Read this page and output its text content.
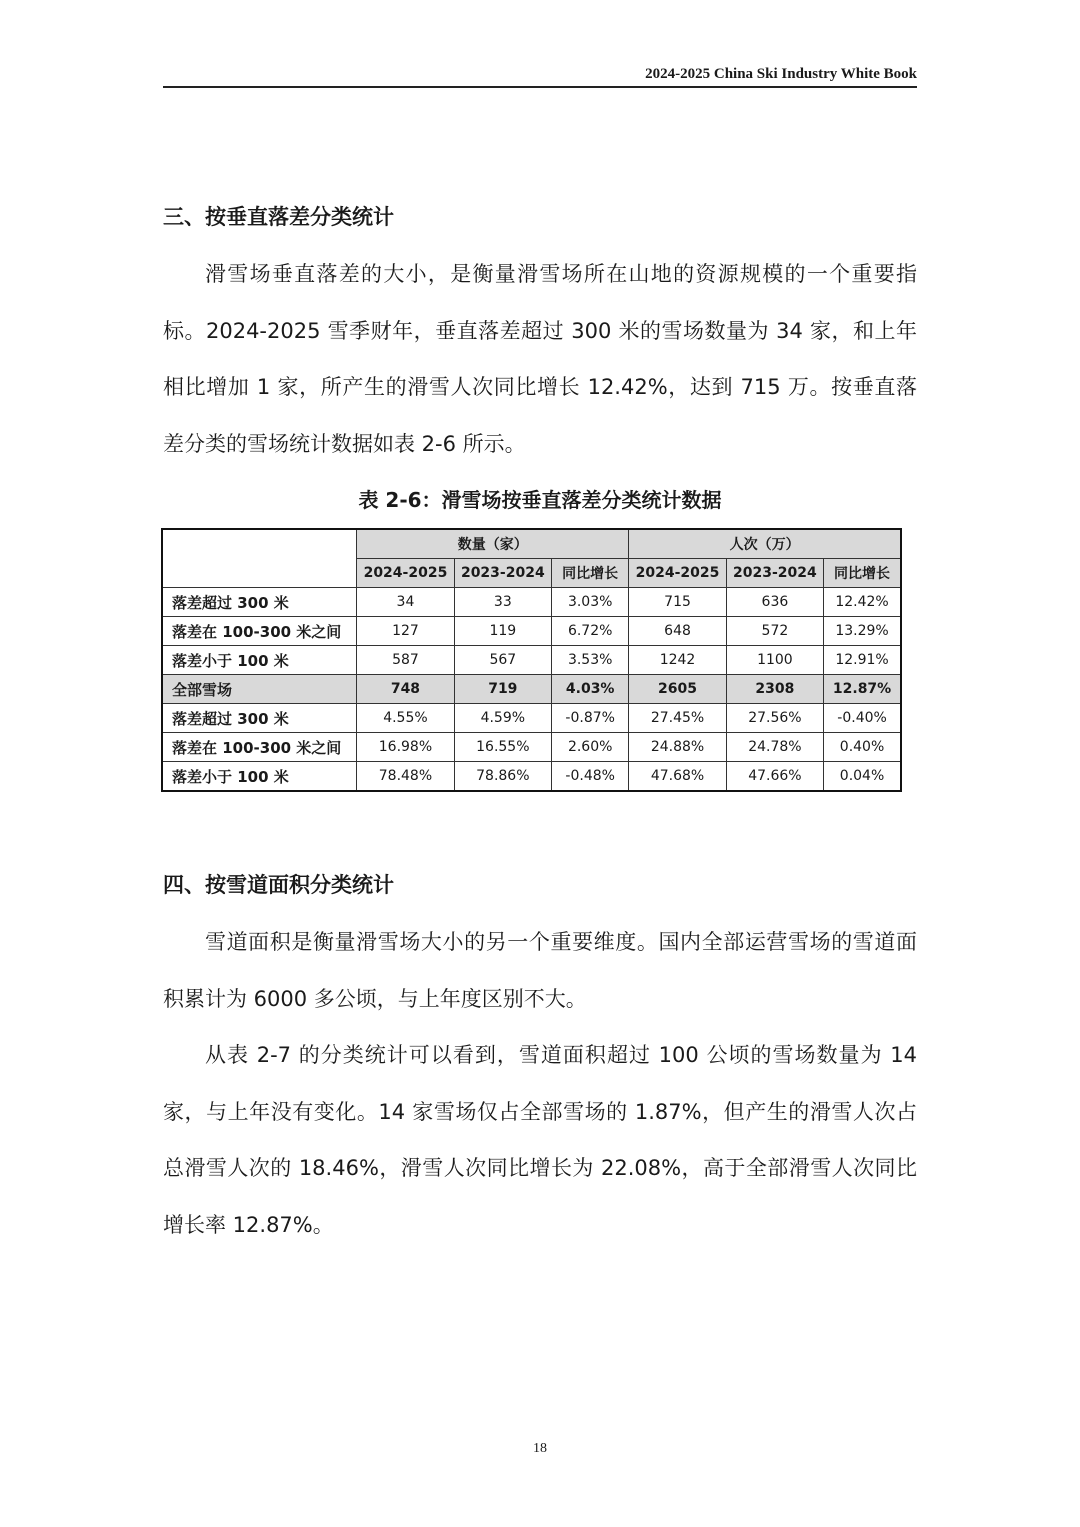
2024-2025 China Ski Industry White Book
三、按垂直落差分类统计

滑雪场垂直落差的大小，是衡量滑雪场所在山地的资源规模的一个重要指标。2024-2025 雪季财年，垂直落差超过 300 米的雪场数量为 34 家，和上年相比增加 1 家，所产生的滑雪人次同比增长 12.42%，达到 715 万。按垂直落差分类的雪场统计数据如表 2-6 所示。

表 2-6：滑雪场按垂直落差分类统计数据
	数量（家）			人次（万）		
	2024-2025	2023-2024	同比增长	2024-2025	2023-2024	同比增长
落差超过 300 米	34	33	3.03%	715	636	12.42%
落差在 100-300 米之间	127	119	6.72%	648	572	13.29%
落差小于 100 米	587	567	3.53%	1242	1100	12.91%
全部雪场	748	719	4.03%	2605	2308	12.87%
落差超过 300 米	4.55%	4.59%	-0.87%	27.45%	27.56%	-0.40%
落差在 100-300 米之间	16.98%	16.55%	2.60%	24.88%	24.78%	0.40%
落差小于 100 米	78.48%	78.86%	-0.48%	47.68%	47.66%	0.04%
四、按雪道面积分类统计

雪道面积是衡量滑雪场大小的另一个重要维度。国内全部运营雪场的雪道面积累计为 6000 多公顷，与上年度区别不大。

从表 2-7 的分类统计可以看到，雪道面积超过 100 公顷的雪场数量为 14 家，与上年没有变化。14 家雪场仅占全部雪场的 1.87%，但产生的滑雪人次占总滑雪人次的 18.46%，滑雪人次同比增长为 22.08%，高于全部滑雪人次同比增长率 12.87%。

18
